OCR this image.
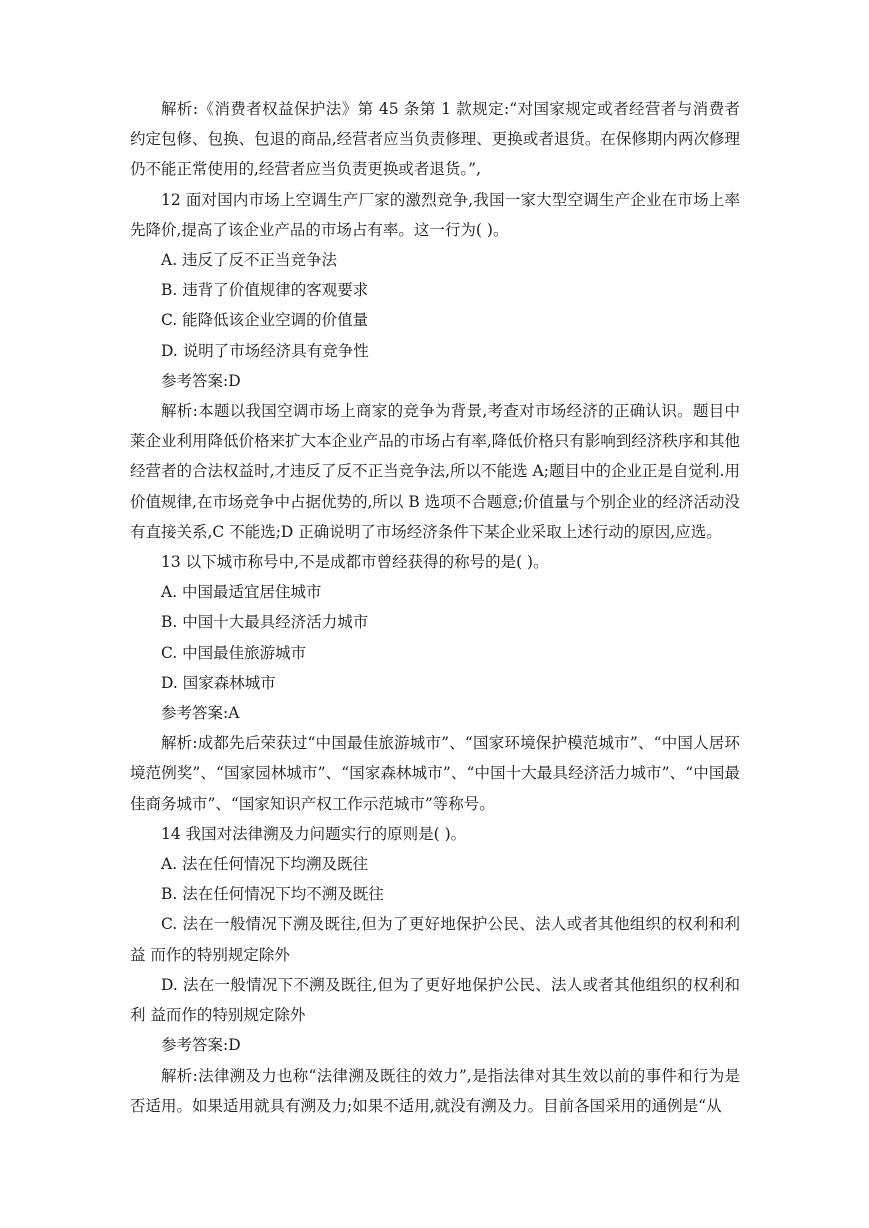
解析:《消费者权益保护法》第 45 条第 1 款规定:“对国家规定或者经营者与消费者约定包修、包换、包退的商品,经营者应当负责修理、更换或者退货。在保修期内两次修理仍不能正常使用的,经营者应当负责更换或者退货。”,
12 面对国内市场上空调生产厂家的激烈竞争,我国一家大型空调生产企业在市场上率先降价,提高了该企业产品的市场占有率。这一行为( )。
A. 违反了反不正当竞争法
B. 违背了价值规律的客观要求
C. 能降低该企业空调的价值量
D. 说明了市场经济具有竞争性
参考答案:D
解析:本题以我国空调市场上商家的竞争为背景,考查对市场经济的正确认识。题目中莱企业利用降低价格来扩大本企业产品的市场占有率,降低价格只有影响到经济秩序和其他经营者的合法权益时,才违反了反不正当竞争法,所以不能选 A;题目中的企业正是自觉利.用价值规律,在市场竞争中占据优势的,所以 B 选项不合题意;价值量与个别企业的经济活动没有直接关系,C 不能选;D 正确说明了市场经济条件下某企业采取上述行动的原因,应选。
13 以下城市称号中,不是成都市曾经获得的称号的是( )。
A. 中国最适宜居住城市
B. 中国十大最具经济活力城市
C. 中国最佳旅游城市
D. 国家森林城市
参考答案:A
解析:成都先后荣获过“中国最佳旅游城市”、“国家环境保护模范城市”、“中国人居环境范例奖”、“国家园林城市”、“国家森林城市”、“中国十大最具经济活力城市”、“中国最佳商务城市”、“国家知识产权工作示范城市”等称号。
14 我国对法律溯及力问题实行的原则是( )。
A. 法在任何情况下均溯及既往
B. 法在任何情况下均不溯及既往
C. 法在一般情况下溯及既往,但为了更好地保护公民、法人或者其他组织的权利和利益 而作的特别规定除外
D. 法在一般情况下不溯及既往,但为了更好地保护公民、法人或者其他组织的权利和利 益而作的特别规定除外
参考答案:D
解析:法律溯及力也称“法律溯及既往的效力”,是指法律对其生效以前的事件和行为是否适用。如果适用就具有溯及力;如果不适用,就没有溯及力。目前各国采用的通例是“从
